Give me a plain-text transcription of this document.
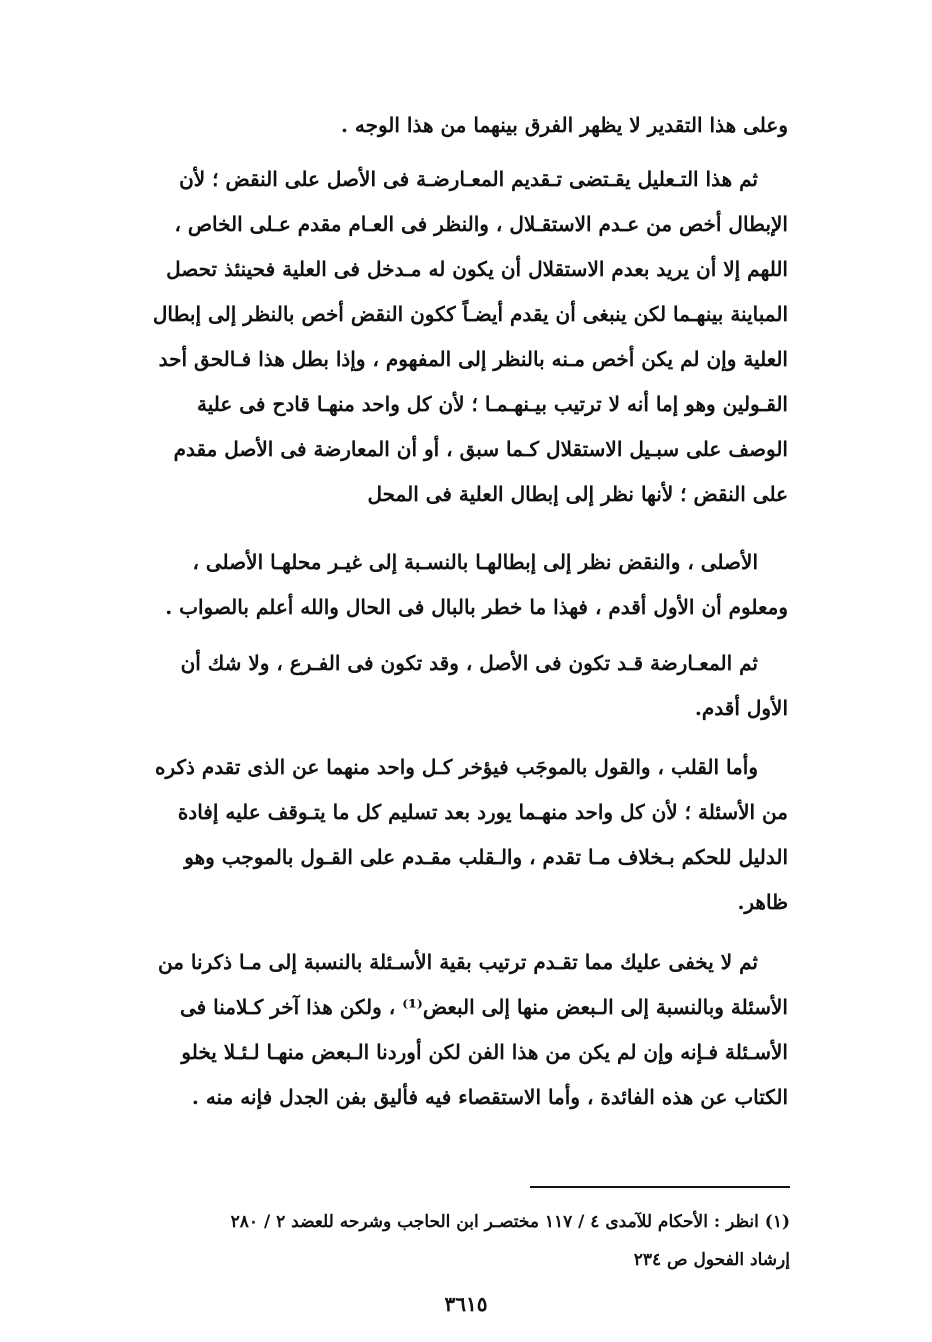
وعلى هذا التقدير لا يظهر الفرق بينهما من هذا الوجه .
ثم هذا التـعليل يقـتضى تـقديم المعـارضـة فى الأصل على النقض ؛ لأن
الإبطال أخص من عـدم الاستقـلال ، والنظر فى العـام مقدم عـلى الخاص ،
اللهم إلا أن يريد بعدم الاستقلال أن يكون له مـدخل فى العلية فحينئذ تحصل
المباينة بينهـما لكن ينبغى أن يقدم أيضـاً ككون النقض أخص بالنظر إلى إبطال
العلية وإن لم يكن أخص مـنه بالنظر إلى المفهوم ، وإذا بطل هذا فـالحق أحد
القـولين وهو إما أنه لا ترتيب بيـنهـمـا ؛ لأن كل واحد منهـا قادح فى علية
الوصف على سبـيل الاستقلال كـما سبق ، أو أن المعارضة فى الأصل مقدم
على النقض ؛ لأنها نظر إلى إبطال العلية فى المحل
الأصلى ، والنقض نظر إلى إبطالهـا بالنسـبة إلى غيـر محلهـا الأصلى ،
ومعلوم أن الأول أقدم ، فهذا ما خطر بالبال فى الحال والله أعلم بالصواب .
ثم المعـارضة قـد تكون فى الأصل ، وقد تكون فى الفـرع ، ولا شك أن
الأول أقدم.
وأما القلب ، والقول بالموجَب فيؤخر كـل واحد منهما عن الذى تقدم ذكره
من الأسئلة ؛ لأن كل واحد منهـما يورد بعد تسليم كل ما يتـوقف عليه إفادة
الدليل للحكم بـخلاف مـا تقدم ، والـقلب مقـدم على القـول بالموجب وهو
ظاهر.
ثم لا يخفى عليك مما تقـدم ترتيب بقية الأسـئلة بالنسبة إلى مـا ذكرنا من
الأسئلة وبالنسبة إلى الـبعض منها إلى البعض⁽¹⁾ ، ولكن هذا آخر كـلامنا فى
الأسـئلة فـإنه وإن لم يكن من هذا الفن لكن أوردنا الـبعض منهـا لـئـلا يخلو
الكتاب عن هذه الفائدة ، وأما الاستقصاء فيه فأليق بفن الجدل فإنه منه .
(١) انظر : الأحكام للآمدى ٤ / ١١٧ مختصـر ابن الحاجب وشرحه للعضد ٢ / ٢٨٠
إرشاد الفحول ص ٢٣٤
٣٦١٥
